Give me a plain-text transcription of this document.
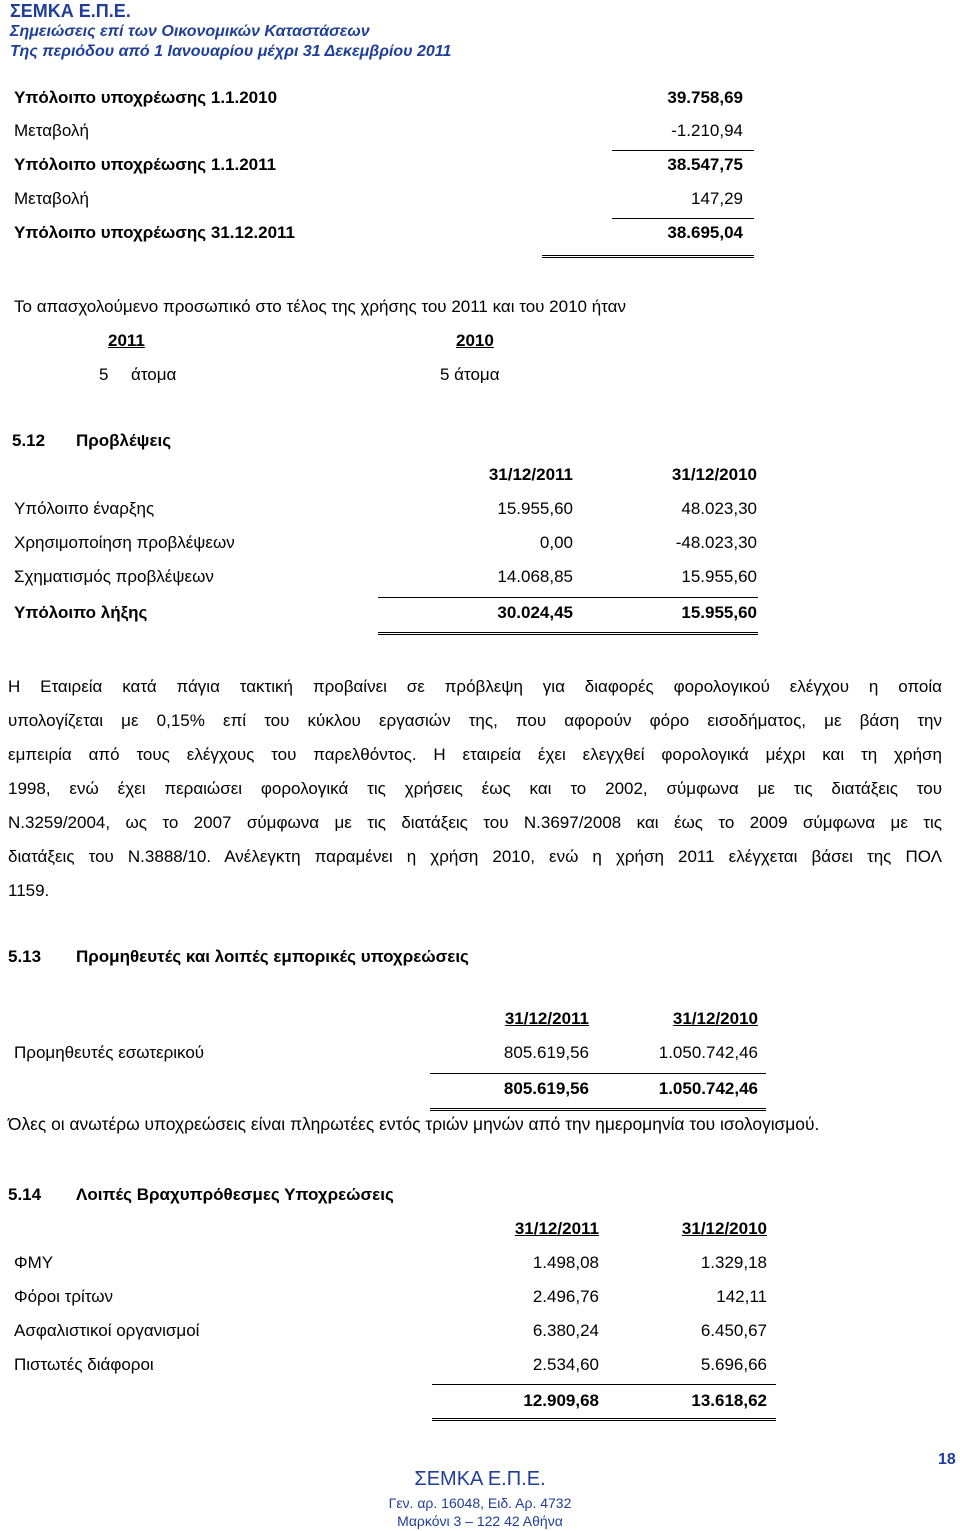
ΣΕΜΚΑ Ε.Π.Ε.
Σημειώσεις επί των Οικονομικών Καταστάσεων
Της περιόδου από 1 Ιανουαρίου μέχρι 31 Δεκεμβρίου 2011
Υπόλοιπο υποχρέωσης 1.1.2010	39.758,69
Μεταβολή	-1.210,94
Υπόλοιπο υποχρέωσης 1.1.2011	38.547,75
Μεταβολή	147,29
Υπόλοιπο υποχρέωσης 31.12.2011	38.695,04
Το απασχολούμενο προσωπικό στο τέλος της χρήσης του 2011 και του 2010 ήταν
2011	2010
5 άτομα	5 άτομα
5.12 Προβλέψεις
31/12/2011	31/12/2010
Υπόλοιπο έναρξης	15.955,60	48.023,30
Χρησιμοποίηση προβλέψεων	0,00	-48.023,30
Σχηματισμός προβλέψεων	14.068,85	15.955,60
Υπόλοιπο λήξης	30.024,45	15.955,60
Η Εταιρεία κατά πάγια τακτική προβαίνει σε πρόβλεψη για διαφορές φορολογικού ελέγχου η οποία
υπολογίζεται με 0,15% επί του κύκλου εργασιών της, που αφορούν φόρο εισοδήματος, με βάση την
εμπειρία από τους ελέγχους του παρελθόντος. Η εταιρεία έχει ελεγχθεί φορολογικά μέχρι και τη χρήση
1998, ενώ έχει περαιώσει φορολογικά τις χρήσεις έως και το 2002, σύμφωνα με τις διατάξεις του
Ν.3259/2004, ως το 2007 σύμφωνα με τις διατάξεις του Ν.3697/2008 και έως το 2009 σύμφωνα με τις
διατάξεις του Ν.3888/10. Ανέλεγκτη παραμένει η χρήση 2010, ενώ η χρήση 2011 ελέγχεται βάσει της ΠΟΛ
1159.
5.13 Προμηθευτές και λοιπές εμπορικές υποχρεώσεις
31/12/2011	31/12/2010
Προμηθευτές εσωτερικού	805.619,56	1.050.742,46
805.619,56	1.050.742,46
Όλες οι ανωτέρω υποχρεώσεις είναι πληρωτέες εντός τριών μηνών από την ημερομηνία του ισολογισμού.
5.14 Λοιπές Βραχυπρόθεσμες Υποχρεώσεις
31/12/2011	31/12/2010
ΦΜΥ	1.498,08	1.329,18
Φόροι τρίτων	2.496,76	142,11
Ασφαλιστικοί οργανισμοί	6.380,24	6.450,67
Πιστωτές διάφοροι	2.534,60	5.696,66
12.909,68	13.618,62
18
ΣΕΜΚΑ Ε.Π.Ε.
Γεν. αρ. 16048, Ειδ. Αρ. 4732
Μαρκόνι 3 – 122 42 Αθήνα
